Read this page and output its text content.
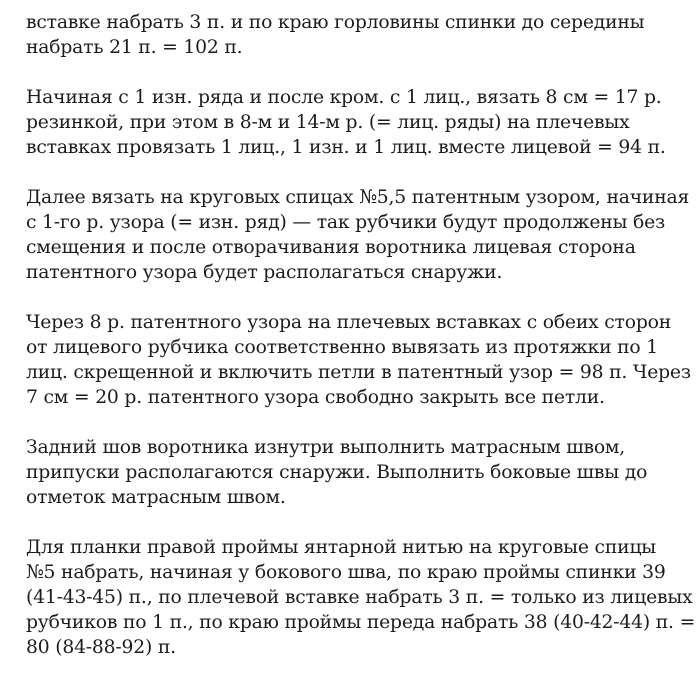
вставке набрать 3 п. и по краю горловины спинки до середины
набрать 21 п. = 102 п.
Начиная с 1 изн. ряда и после кром. с 1 лиц., вязать 8 см = 17 р.
резинкой, при этом в 8-м и 14-м р. (= лиц. ряды) на плечевых
вставках провязать 1 лиц., 1 изн. и 1 лиц. вместе лицевой = 94 п.
Далее вязать на круговых спицах №5,5 патентным узором, начиная
с 1-го р. узора (= изн. ряд) — так рубчики будут продолжены без
смещения и после отворачивания воротника лицевая сторона
патентного узора будет располагаться снаружи.
Через 8 р. патентного узора на плечевых вставках с обеих сторон
от лицевого рубчика соответственно вывязать из протяжки по 1
лиц. скрещенной и включить петли в патентный узор = 98 п. Через
7 см = 20 р. патентного узора свободно закрыть все петли.
Задний шов воротника изнутри выполнить матрасным швом,
припуски располагаются снаружи. Выполнить боковые швы до
отметок матрасным швом.
Для планки правой проймы янтарной нитью на круговые спицы
№5 набрать, начиная у бокового шва, по краю проймы спинки 39
(41-43-45) п., по плечевой вставке набрать 3 п. = только из лицевых
рубчиков по 1 п., по краю проймы переда набрать 38 (40-42-44) п. =
80 (84-88-92) п.
